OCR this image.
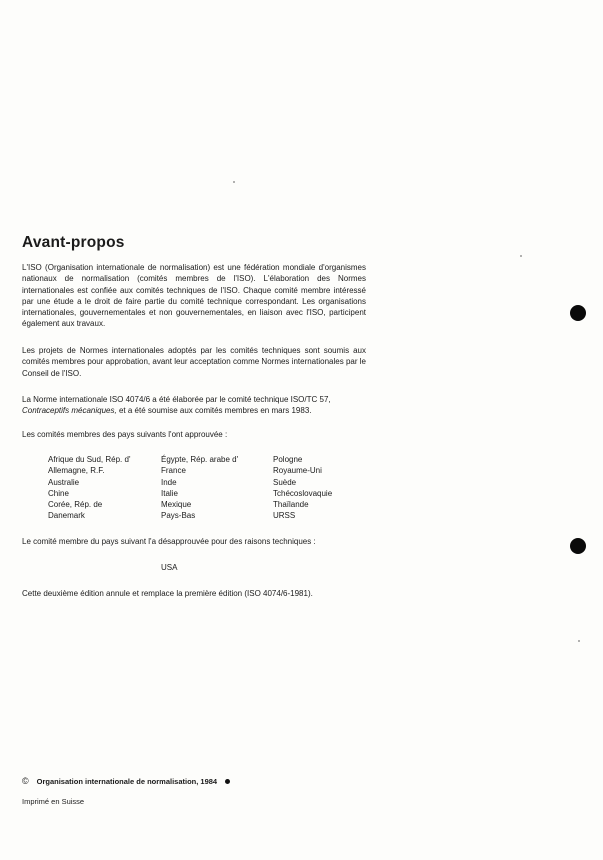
Avant-propos

L'ISO (Organisation internationale de normalisation) est une fédération mondiale d'organismes nationaux de normalisation (comités membres de l'ISO). L'élaboration des Normes internationales est confiée aux comités techniques de l'ISO. Chaque comité membre intéressé par une étude a le droit de faire partie du comité technique correspondant. Les organisations internationales, gouvernementales et non gouvernementales, en liaison avec l'ISO, participent également aux travaux.

Les projets de Normes internationales adoptés par les comités techniques sont soumis aux comités membres pour approbation, avant leur acceptation comme Normes internationales par le Conseil de l'ISO.

La Norme internationale ISO 4074/6 a été élaborée par le comité technique ISO/TC 57,
Contraceptifs mécaniques, et a été soumise aux comités membres en mars 1983.

Les comités membres des pays suivants l'ont approuvée :

Afrique du Sud, Rép. d'
Allemagne, R.F.
Australie
Chine
Corée, Rép. de
Danemark
Égypte, Rép. arabe d'
France
Inde
Italie
Mexique
Pays-Bas
Pologne
Royaume-Uni
Suède
Tchécoslovaquie
Thaïlande
URSS

Le comité membre du pays suivant l'a désapprouvée pour des raisons techniques :

USA

Cette deuxième édition annule et remplace la première édition (ISO 4074/6-1981).

© Organisation internationale de normalisation, 1984
Imprimé en Suisse
